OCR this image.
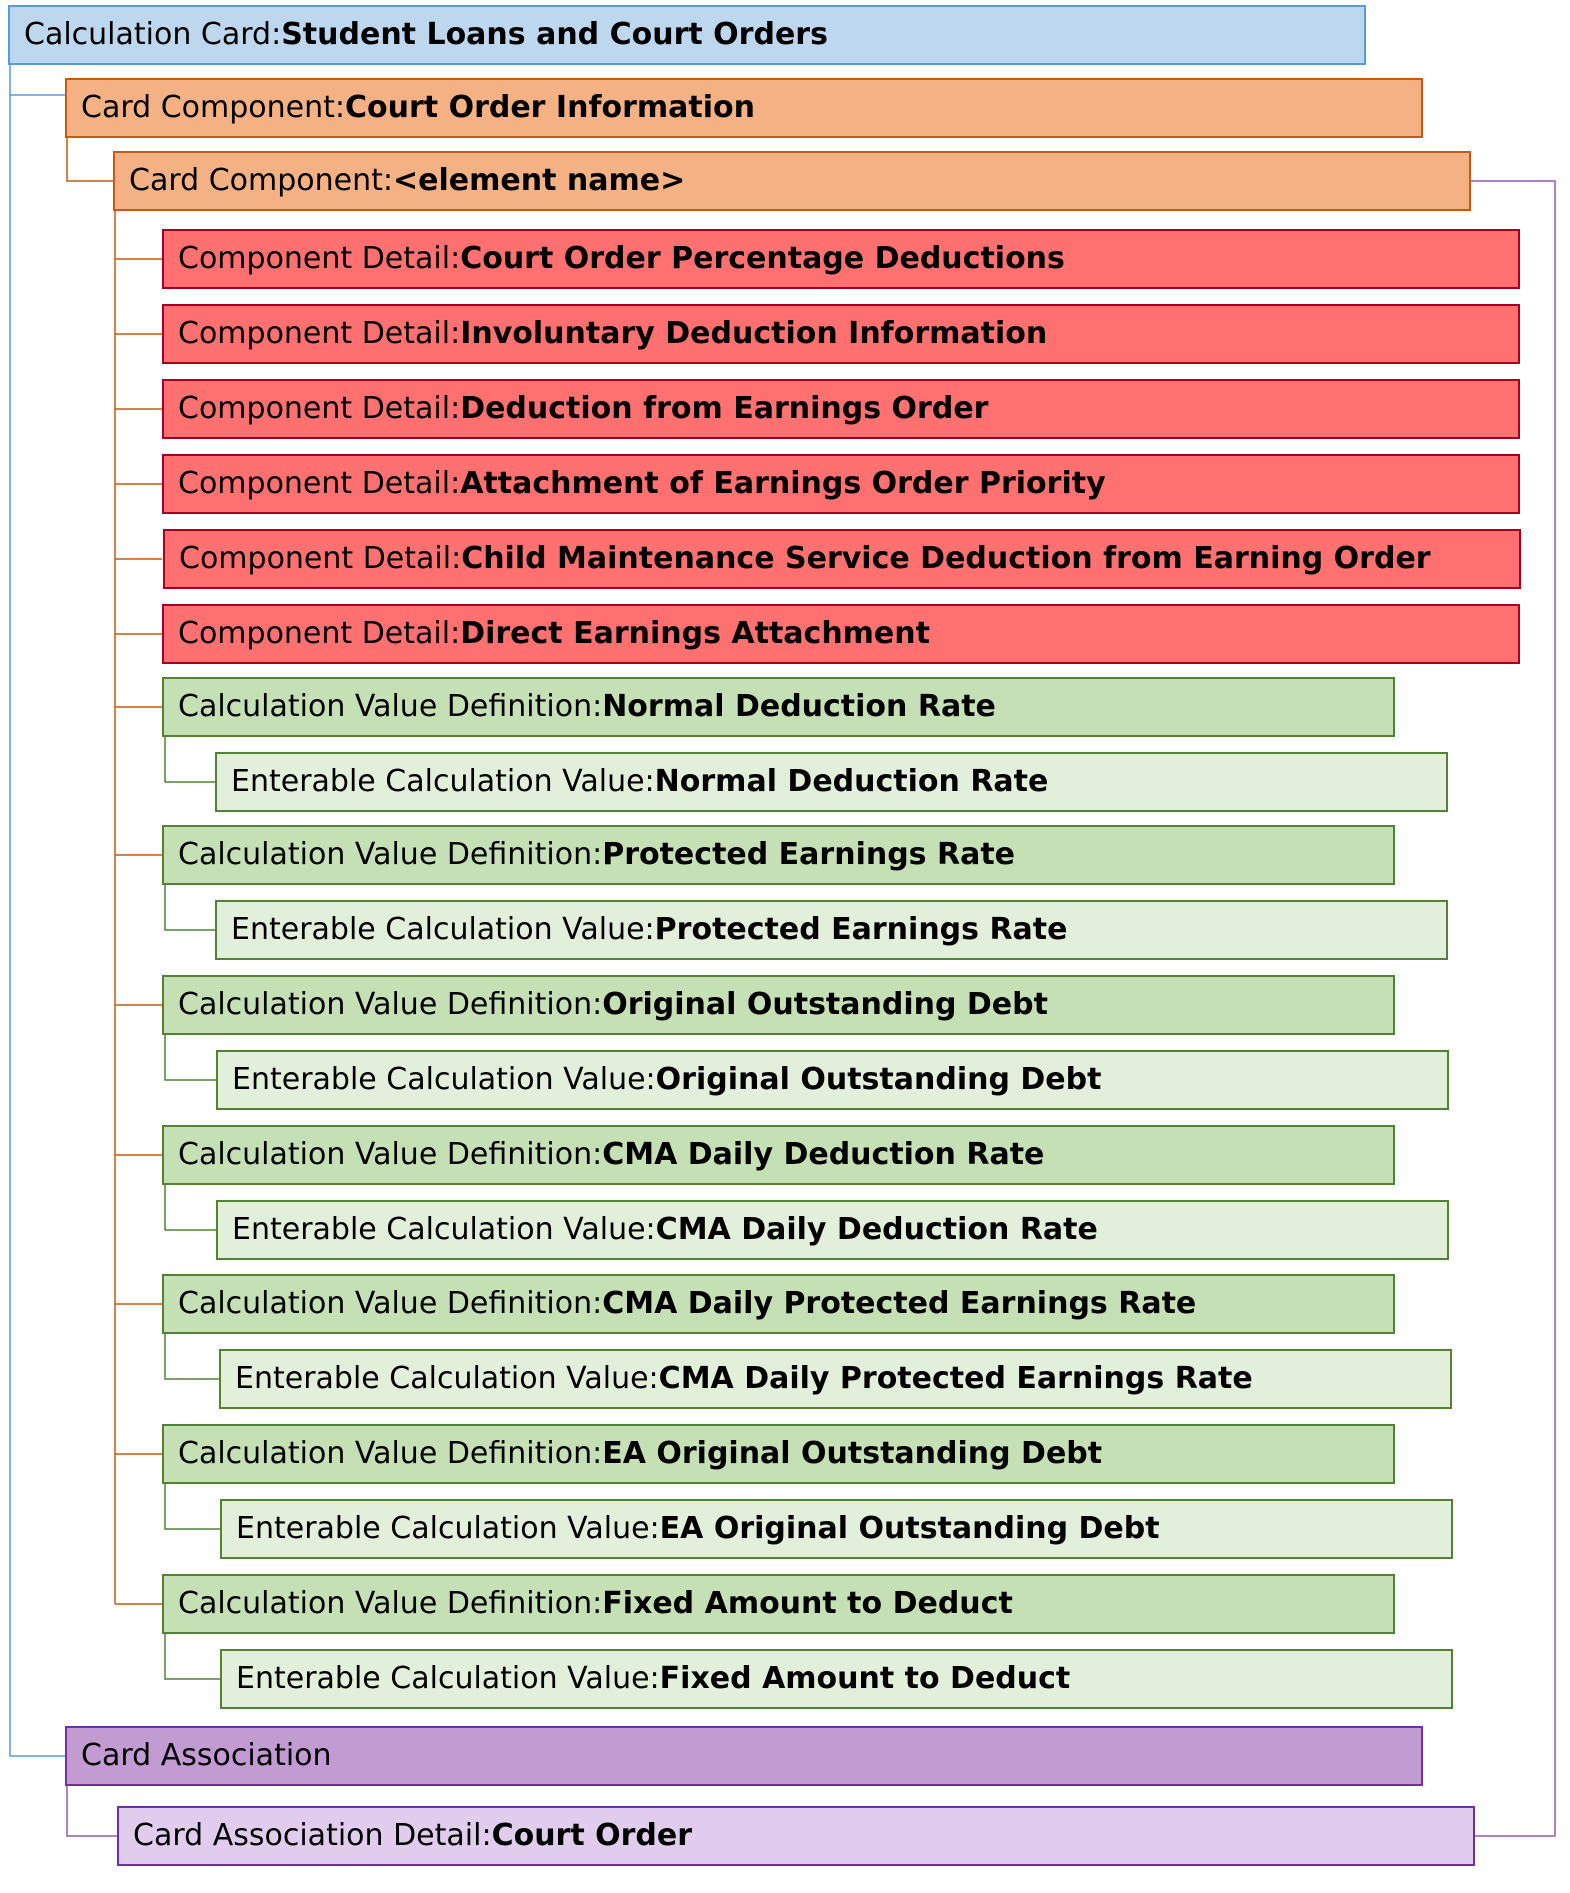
Calculation Card: Student Loans and Court Orders
Card Component: Court Order Information
Card Component: <element name>
Component Detail: Court Order Percentage Deductions
Component Detail: Involuntary Deduction Information
Component Detail: Deduction from Earnings Order
Component Detail: Attachment of Earnings Order Priority
Component Detail: Child Maintenance Service Deduction from Earning Order
Component Detail: Direct Earnings Attachment
Calculation Value Definition: Normal Deduction Rate
Enterable Calculation Value: Normal Deduction Rate
Calculation Value Definition: Protected Earnings Rate
Enterable Calculation Value: Protected Earnings Rate
Calculation Value Definition: Original Outstanding Debt
Enterable Calculation Value: Original Outstanding Debt
Calculation Value Definition: CMA Daily Deduction Rate
Enterable Calculation Value: CMA Daily Deduction Rate
Calculation Value Definition: CMA Daily Protected Earnings Rate
Enterable Calculation Value: CMA Daily Protected Earnings Rate
Calculation Value Definition: EA Original Outstanding Debt
Enterable Calculation Value: EA Original Outstanding Debt
Calculation Value Definition: Fixed Amount to Deduct
Enterable Calculation Value: Fixed Amount to Deduct
Card Association
Card Association Detail: Court Order
